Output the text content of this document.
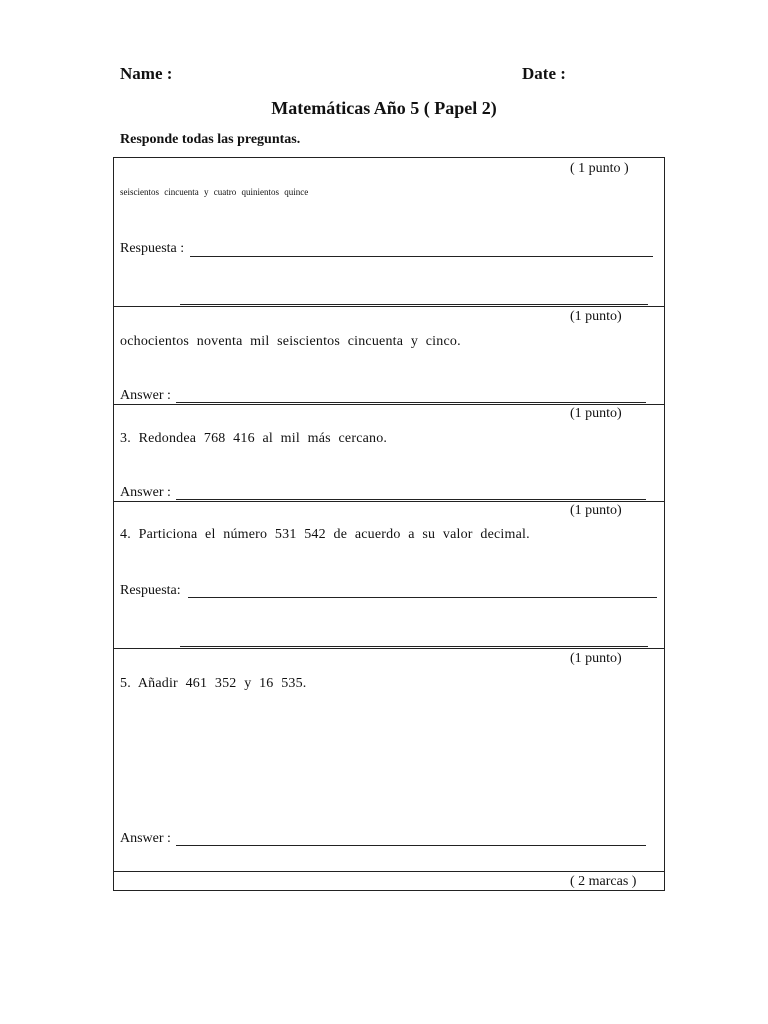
Name :	Date :
Matemáticas Año 5 ( Papel 2)
Responde todas las preguntas.
( 1 punto )
seiscientos cincuenta y cuatro quinientos quince
Respuesta :
(1 punto)
ochocientos noventa mil seiscientos cincuenta y cinco.
Answer :
(1 punto)
3. Redondea 768 416 al mil más cercano.
Answer :
(1 punto)
4. Particiona el número 531 542 de acuerdo a su valor decimal.
Respuesta:
(1 punto)
5. Añadir 461 352 y 16 535.
Answer :
( 2 marcas )
